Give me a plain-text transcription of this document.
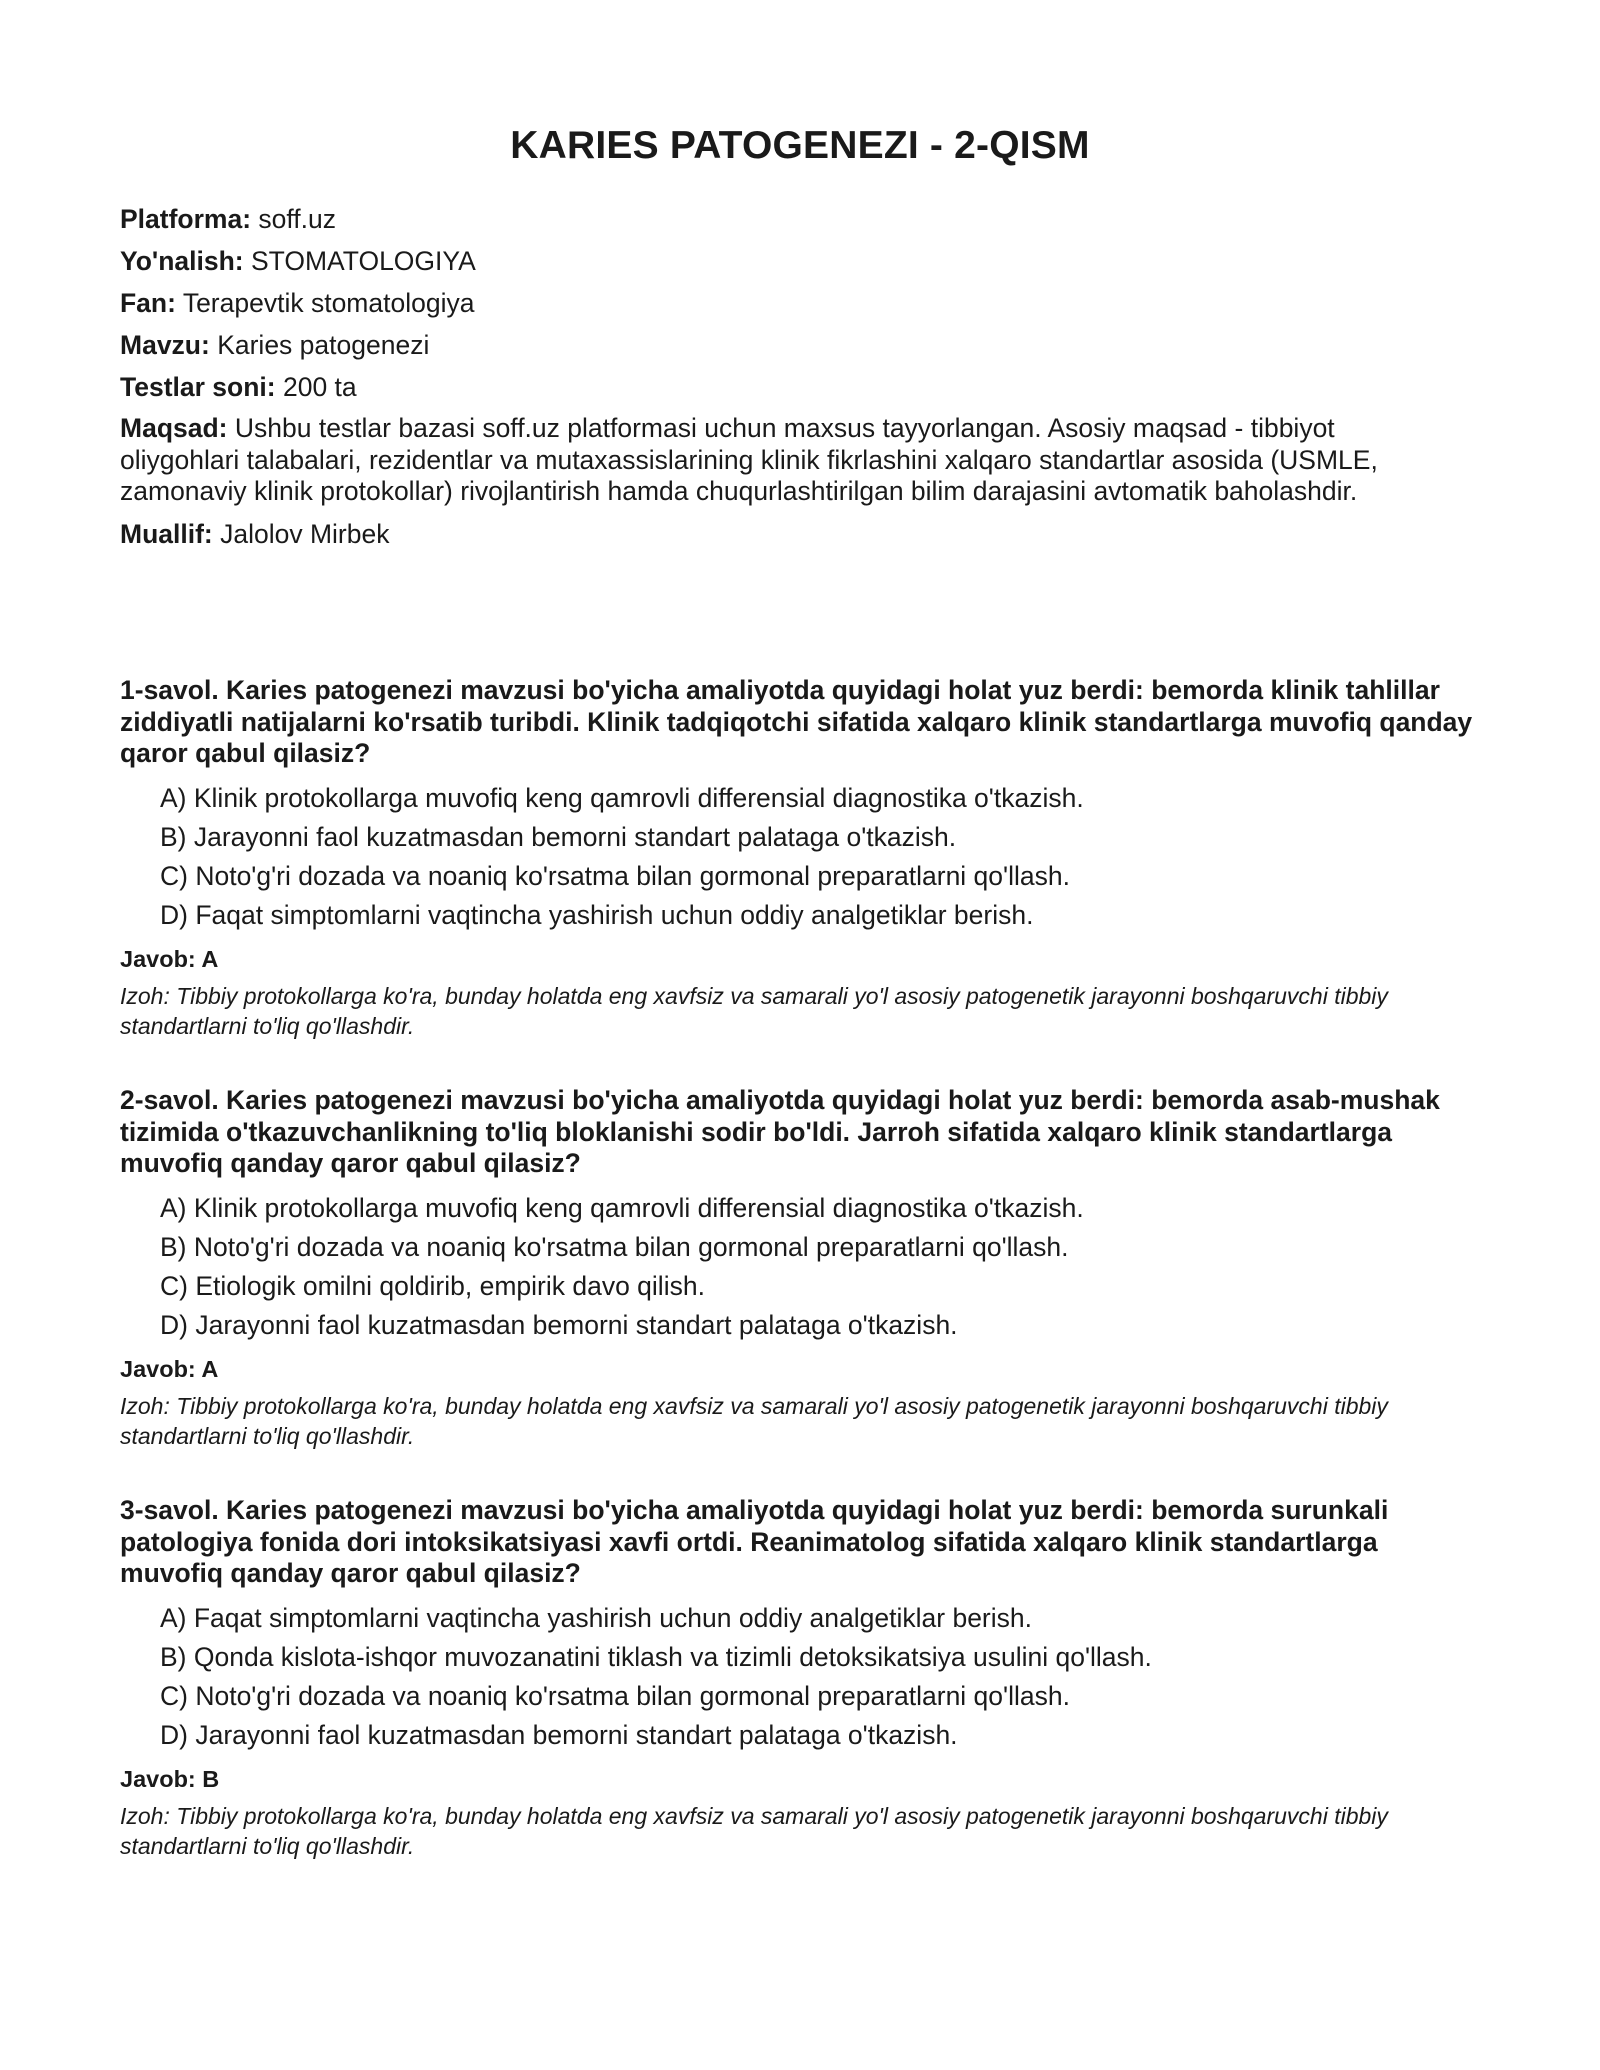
KARIES PATOGENEZI - 2-QISM

Platforma: soff.uz

Yo'nalish: STOMATOLOGIYA

Fan: Terapevtik stomatologiya

Mavzu: Karies patogenezi

Testlar soni: 200 ta

Maqsad: Ushbu testlar bazasi soff.uz platformasi uchun maxsus tayyorlangan. Asosiy maqsad - tibbiyot oliygohlari talabalari, rezidentlar va mutaxassislarining klinik fikrlashini xalqaro standartlar asosida (USMLE, zamonaviy klinik protokollar) rivojlantirish hamda chuqurlashtirilgan bilim darajasini avtomatik baholashdir.

Muallif: Jalolov Mirbek

1-savol. Karies patogenezi mavzusi bo'yicha amaliyotda quyidagi holat yuz berdi: bemorda klinik tahlillar ziddiyatli natijalarni ko'rsatib turibdi. Klinik tadqiqotchi sifatida xalqaro klinik standartlarga muvofiq qanday qaror qabul qilasiz?

A) Klinik protokollarga muvofiq keng qamrovli differensial diagnostika o'tkazish.

B) Jarayonni faol kuzatmasdan bemorni standart palataga o'tkazish.

C) Noto'g'ri dozada va noaniq ko'rsatma bilan gormonal preparatlarni qo'llash.

D) Faqat simptomlarni vaqtincha yashirish uchun oddiy analgetiklar berish.

Javob: A

Izoh: Tibbiy protokollarga ko'ra, bunday holatda eng xavfsiz va samarali yo'l asosiy patogenetik jarayonni boshqaruvchi tibbiy standartlarni to'liq qo'llashdir.

2-savol. Karies patogenezi mavzusi bo'yicha amaliyotda quyidagi holat yuz berdi: bemorda asab-mushak tizimida o'tkazuvchanlikning to'liq bloklanishi sodir bo'ldi. Jarroh sifatida xalqaro klinik standartlarga muvofiq qanday qaror qabul qilasiz?

A) Klinik protokollarga muvofiq keng qamrovli differensial diagnostika o'tkazish.

B) Noto'g'ri dozada va noaniq ko'rsatma bilan gormonal preparatlarni qo'llash.

C) Etiologik omilni qoldirib, empirik davo qilish.

D) Jarayonni faol kuzatmasdan bemorni standart palataga o'tkazish.

Javob: A

Izoh: Tibbiy protokollarga ko'ra, bunday holatda eng xavfsiz va samarali yo'l asosiy patogenetik jarayonni boshqaruvchi tibbiy standartlarni to'liq qo'llashdir.

3-savol. Karies patogenezi mavzusi bo'yicha amaliyotda quyidagi holat yuz berdi: bemorda surunkali patologiya fonida dori intoksikatsiyasi xavfi ortdi. Reanimatolog sifatida xalqaro klinik standartlarga muvofiq qanday qaror qabul qilasiz?

A) Faqat simptomlarni vaqtincha yashirish uchun oddiy analgetiklar berish.

B) Qonda kislota-ishqor muvozanatini tiklash va tizimli detoksikatsiya usulini qo'llash.

C) Noto'g'ri dozada va noaniq ko'rsatma bilan gormonal preparatlarni qo'llash.

D) Jarayonni faol kuzatmasdan bemorni standart palataga o'tkazish.

Javob: B

Izoh: Tibbiy protokollarga ko'ra, bunday holatda eng xavfsiz va samarali yo'l asosiy patogenetik jarayonni boshqaruvchi tibbiy standartlarni to'liq qo'llashdir.
